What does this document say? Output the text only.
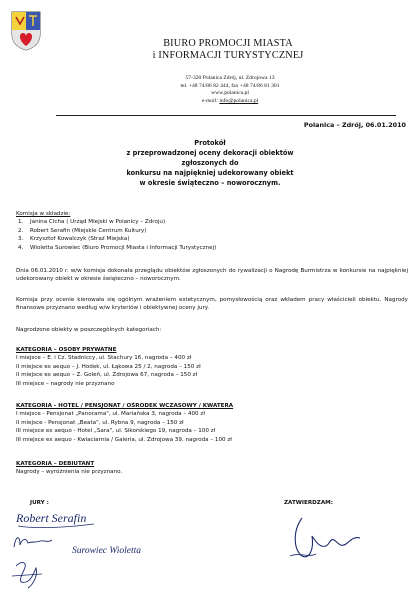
BIURO PROMOCJI MIASTA
i INFORMACJI TURYSTYCZNEJ
57-320 Polanica Zdrój, ul. Zdrojowa 13
tel. +48 74/86 82 444, fax +48 74/86 81 301
www.polanica.pl
e-mail: info@polanica.pl
Polanica – Zdrój, 06.01.2010
Protokół
z przeprowadzonej oceny dekoracji obiektów
zgłoszonych do
konkursu na najpiękniej udekorowany obiekt
w okresie świąteczno – noworocznym.
Komisja w składzie:
1. Janina Cicha ( Urząd Miejski w Polanicy – Zdroju)
2. Robert Serafin (Miejskie Centrum Kultury)
3. Krzysztof Kowalczyk (Straż Miejska)
4. Wioletta Surowiec (Biuro Promocji Miasta i Informacji Turystycznej)
Dnia 06.01.2010 r. w/w komisja dokonała przeglądu obiektów zgłoszonych do rywalizacji o Nagrodę Burmistrza w konkursie na najpiękniej udekorowany obiekt w okresie świąteczno – noworocznym.
Komisja przy ocenie kierowała się ogólnym wrażeniem estetycznym, pomysłowością oraz wkładem pracy właścicieli obiektu. Nagrody finansowe przyznano według w/w kryteriów i obiektywnej oceny jury.
Nagrodzone obiekty w poszczególnych kategoriach:
KATEGORIA – OSOBY PRYWATNE
I miejsce – E. i Cz. Stadniccy, ul. Stachury 16, nagroda – 400 zł
II miejsce ex aequo – J. Hodek, ul. Łąkowa 25 / 2, nagroda – 150 zł
II miejsce ex aequo – Z. Goleń, ul. Zdrojowa 67, nagroda – 150 zł
III miejsce – nagrody nie przyznano
KATEGORIA - HOTEL / PENSJONAT / OŚRODEK WCZASOWY / KWATERA
I miejsce - Pensjonat „Panorama", ul. Mariańska 3, nagroda – 400 zł
II miejsce - Pensjonat „Beata", ul. Rybna 9, nagroda – 150 zł
III miejsce ex aequo - Hotel „Sara", ul. Sikorskiego 19, nagroda – 100 zł
III miejsce ex aequo - Kwiaciarnia / Galeria, ul. Zdrojowa 39, nagroda – 100 zł
KATEGORIA – DEBIUTANT
Nagrody – wyróżnienia nie przyznano.
JURY :	ZATWIERDZAM:
Robert Serafin
Surowiec Wioletta
